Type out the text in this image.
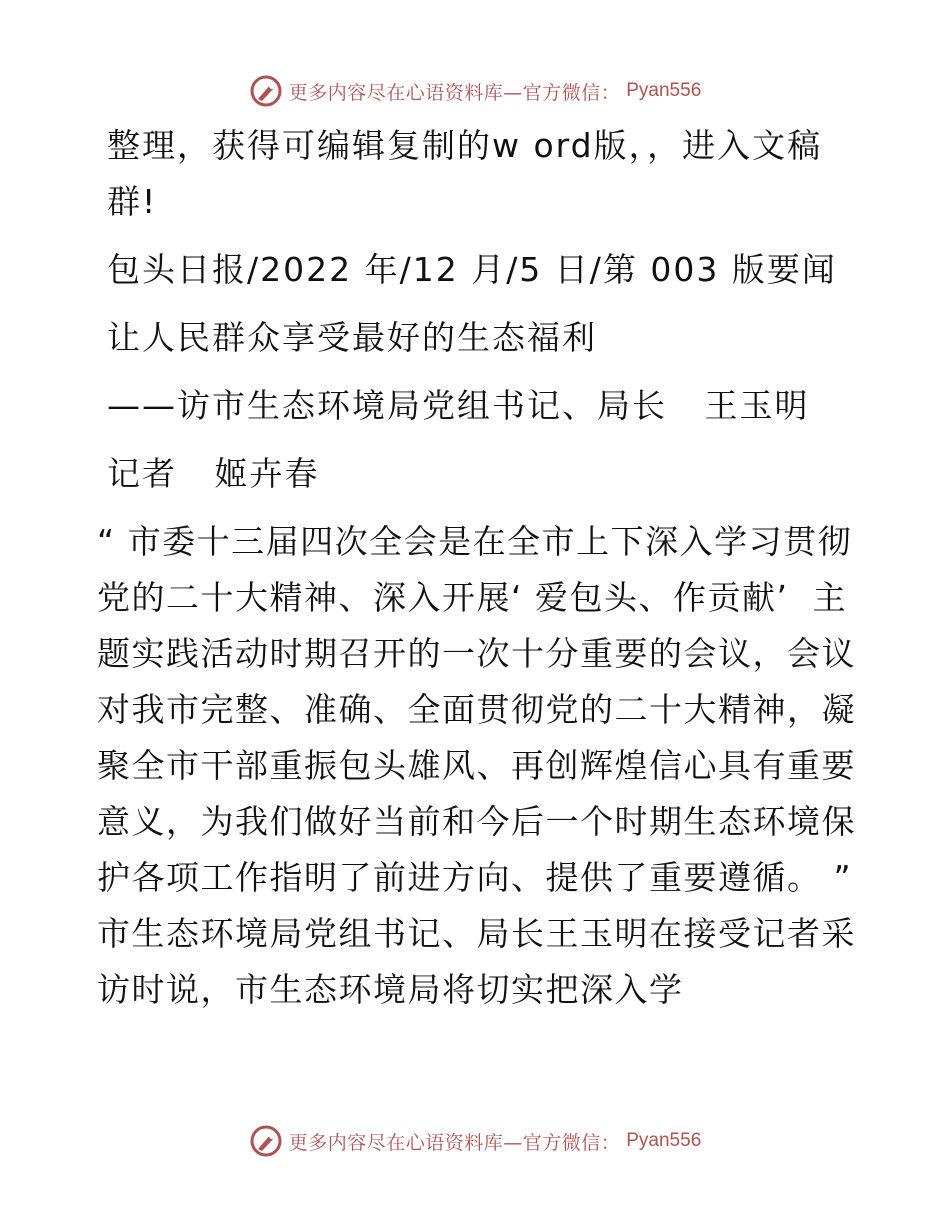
更多内容尽在心语资料库—官方微信： Pyan556

整理，获得可编辑复制的w ord版，，进入文稿群!

包头日报/2022 年/12 月/5 日/第 003 版要闻

让人民群众享受最好的生态福利

——访市生态环境局党组书记、局长   王玉明

记者   姬卉春

“ 市委十三届四次全会是在全市上下深入学习贯彻党的二十大精神、深入开展‘ 爱包头、作贡献’  主题实践活动时期召开的一次十分重要的会议，会议对我市完整、准确、全面贯彻党的二十大精神，凝聚全市干部重振包头雄风、再创辉煌信心具有重要意义，为我们做好当前和今后一个时期生态环境保护各项工作指明了前进方向、提供了重要遵循。 ”  市生态环境局党组书记、局长王玉明在接受记者采访时说，市生态环境局将切实把深入学

更多内容尽在心语资料库—官方微信： Pyan556
